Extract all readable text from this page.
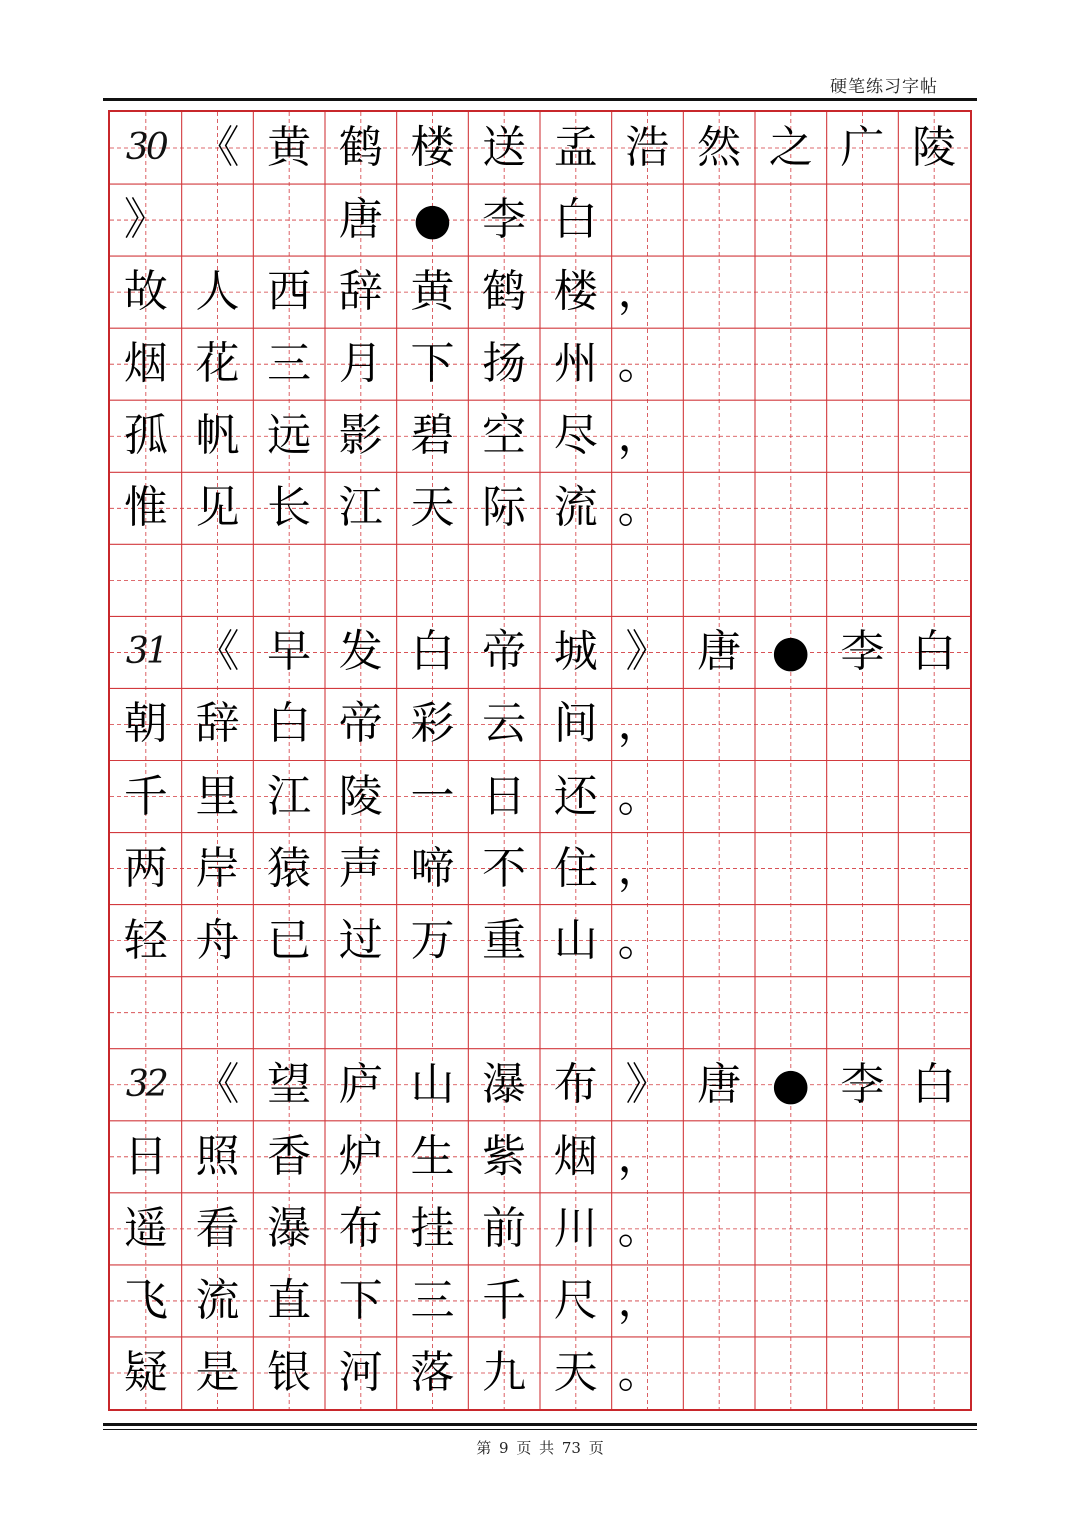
硬笔练习字帖
30 《 黄 鹤 楼 送 孟 浩 然 之 广 陵
》	唐 ● 李 白
故 人 西 辞 黄 鹤 楼 ，
烟 花 三 月 下 扬 州 。
孤 帆 远 影 碧 空 尽 ，
惟 见 长 江 天 际 流 。
31 《 早 发 白 帝 城 》 唐 ● 李 白
朝 辞 白 帝 彩 云 间 ，
千 里 江 陵 一 日 还 。
两 岸 猿 声 啼 不 住 ，
轻 舟 已 过 万 重 山 。
32 《 望 庐 山 瀑 布 》 唐 ● 李 白
日 照 香 炉 生 紫 烟 ，
遥 看 瀑 布 挂 前 川 。
飞 流 直 下 三 千 尺 ，
疑 是 银 河 落 九 天 。
第 9 页 共 73 页
